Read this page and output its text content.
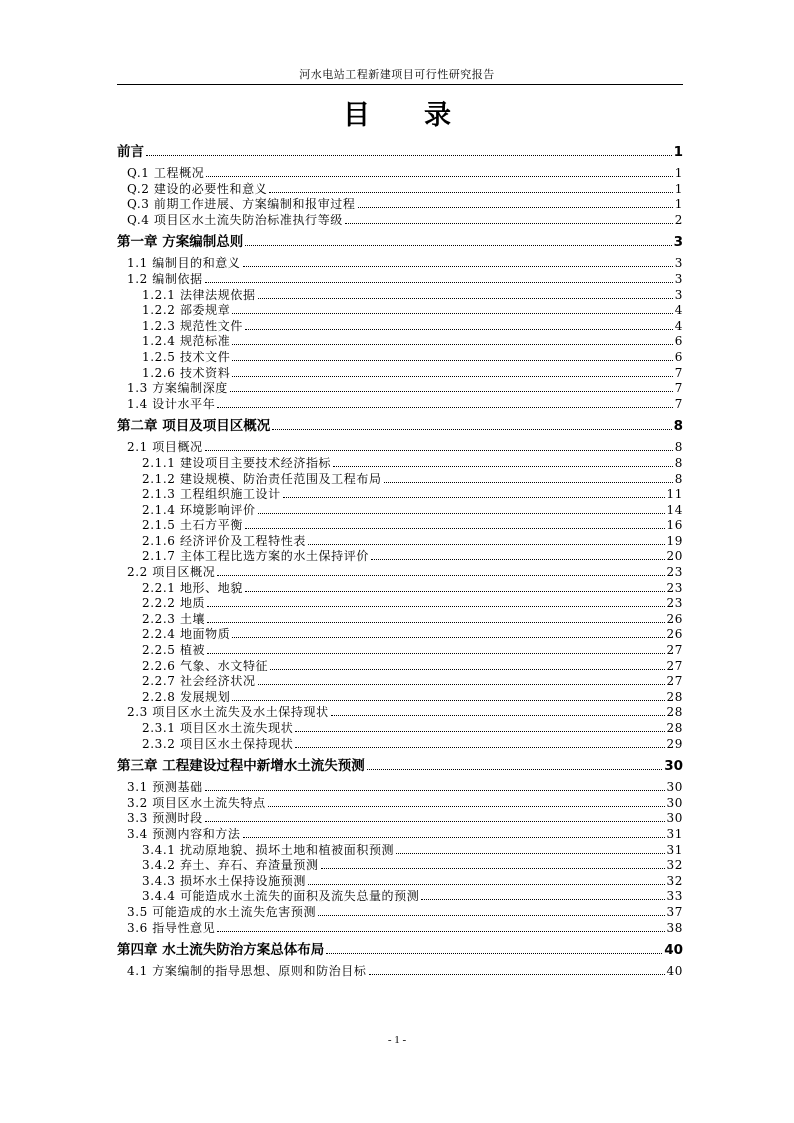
河水电站工程新建项目可行性研究报告
目 录
前言	1
Q.1 工程概况	1
Q.2 建设的必要性和意义	1
Q.3 前期工作进展、方案编制和报审过程	1
Q.4 项目区水土流失防治标准执行等级	2
第一章 方案编制总则	3
1.1 编制目的和意义	3
1.2 编制依据	3
1.2.1 法律法规依据	3
1.2.2 部委规章	4
1.2.3 规范性文件	4
1.2.4 规范标准	6
1.2.5 技术文件	6
1.2.6 技术资料	7
1.3 方案编制深度	7
1.4 设计水平年	7
第二章 项目及项目区概况	8
2.1 项目概况	8
2.1.1 建设项目主要技术经济指标	8
2.1.2 建设规模、防治责任范围及工程布局	8
2.1.3 工程组织施工设计	11
2.1.4 环境影响评价	14
2.1.5 土石方平衡	16
2.1.6 经济评价及工程特性表	19
2.1.7 主体工程比选方案的水土保持评价	20
2.2 项目区概况	23
2.2.1 地形、地貌	23
2.2.2 地质	23
2.2.3 土壤	26
2.2.4 地面物质	26
2.2.5 植被	27
2.2.6 气象、水文特征	27
2.2.7 社会经济状况	27
2.2.8 发展规划	28
2.3 项目区水土流失及水土保持现状	28
2.3.1 项目区水土流失现状	28
2.3.2 项目区水土保持现状	29
第三章 工程建设过程中新增水土流失预测	30
3.1 预测基础	30
3.2 项目区水土流失特点	30
3.3 预测时段	30
3.4 预测内容和方法	31
3.4.1 扰动原地貌、损坏土地和植被面积预测	31
3.4.2 弃土、弃石、弃渣量预测	32
3.4.3 损坏水土保持设施预测	32
3.4.4 可能造成水土流失的面积及流失总量的预测	33
3.5 可能造成的水土流失危害预测	37
3.6 指导性意见	38
第四章 水土流失防治方案总体布局	40
4.1 方案编制的指导思想、原则和防治目标	40
- 1 -
